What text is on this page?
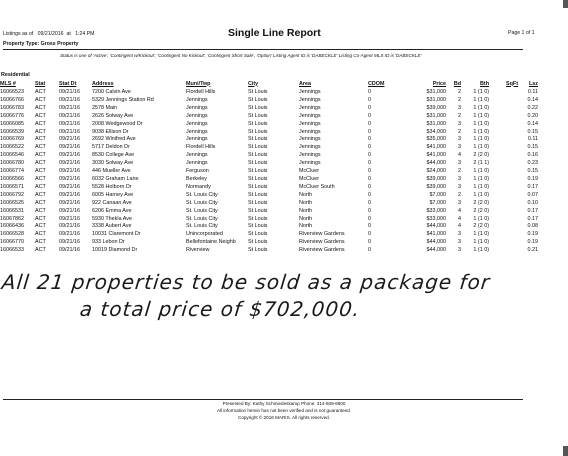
Listings as of 09/21/2016 at 1:24 PM	Single Line Report	Page 1 of 1
Property Type: Gross Property
Status is one of 'Active', 'Contingent w/Kickout', 'Contingent No Kickout', 'Contingent Short Sale', 'Option' Listing Agent ID is 'DABECKLE' Listing Co-Agent MLS ID is 'DABECKLE'
Residential
MLS #	Stat	Stat Dt	Address	Muni/Twp	City	Area	CDOM	Price	Bd	Bth	SqFt	Lsz
16066523	ACT	09/21/16	7200 Calvin Ave	Flordell Hills	St Louis	Jennings	0	$31,000	2	1 (1 0)		0.11
16066766	ACT	09/21/16	5329 Jennings Station Rd	Jennings	St Louis	Jennings	0	$31,000	2	1 (1 0)		0.14
16066783	ACT	09/21/16	2578 Main	Jennings	St Louis	Jennings	0	$39,000	3	1 (1 0)		0.22
16066776	ACT	09/21/16	2626 Solway Ave	Jennings	St Louis	Jennings	0	$31,000	2	1 (1 0)		0.20
16066085	ACT	09/21/16	2008 Wedgewood Dr	Jennings	St Louis	Jennings	0	$31,000	3	1 (1 0)		0.14
16066539	ACT	09/21/16	9038 Ellison Dr	Jennings	St Louis	Jennings	0	$34,000	2	1 (1 0)		0.15
16066769	ACT	09/21/16	2692 Winifred Ave	Jennings	St Louis	Jennings	0	$35,000	3	1 (1 0)		0.11
16066522	ACT	09/21/16	5717 Deldon Dr	Flordell Hills	St Louis	Jennings	0	$41,000	3	1 (1 0)		0.15
16066546	ACT	09/21/16	8530 College Ave	Jennings	St Louis	Jennings	0	$41,000	4	2 (2 0)		0.16
16066780	ACT	09/21/16	3030 Solway Ave	Jennings	St Louis	Jennings	0	$44,000	3	2 (1 1)		0.23
16066774	ACT	09/21/16	446 Mueller Ave	Ferguson	St Louis	McCluer	0	$24,000	2	1 (1 0)		0.15
16066566	ACT	09/21/16	6032 Graham Lane	Berkeley	St Louis	McCluer	0	$39,000	3	1 (1 0)		0.19
16066571	ACT	09/21/16	5528 Holborn Dr	Normandy	St Louis	McCluer South	0	$39,000	3	1 (1 0)		0.17
16066792	ACT	09/21/16	6005 Harney Ave	St. Louis City	St Louis	North	0	$7,000	2	1 (1 0)		0.07
16066525	ACT	09/21/16	922 Canaan Ave	St. Louis City	St Louis	North	0	$7,000	3	2 (2 0)		0.10
16066531	ACT	09/21/16	6206 Emma Ave	St. Louis City	St Louis	North	0	$33,000	4	2 (2 0)		0.17
16067862	ACT	09/21/16	5930 Thekla Ave	St. Louis City	St Louis	North	0	$33,000	4	1 (1 0)		0.17
16066436	ACT	09/21/16	3338 Aubert Ave	St. Louis City	St Louis	North	0	$44,000	4	2 (2 0)		0.08
16066528	ACT	09/21/16	10031 Claremont Dr	Unincorporated	St Louis	Riverview Gardens	0	$41,000	3	1 (1 0)		0.19
16066770	ACT	09/21/16	933 Lebon Dr	Bellefontaine Neighb	St Louis	Riverview Gardens	0	$44,000	3	1 (1 0)		0.19
16066533	ACT	09/21/16	10019 Diamond Dr	Riverview	St Louis	Riverview Gardens	0	$44,000	3	1 (1 0)		0.21
All 21 properties to be sold as a package for
a total price of $702,000.
Presented By: Kathy Schmiedeskamp Phone: 314-609-6600
All information herein has not been verified and is not guaranteed.
Copyright © 2016 MARIS. All rights reserved.
